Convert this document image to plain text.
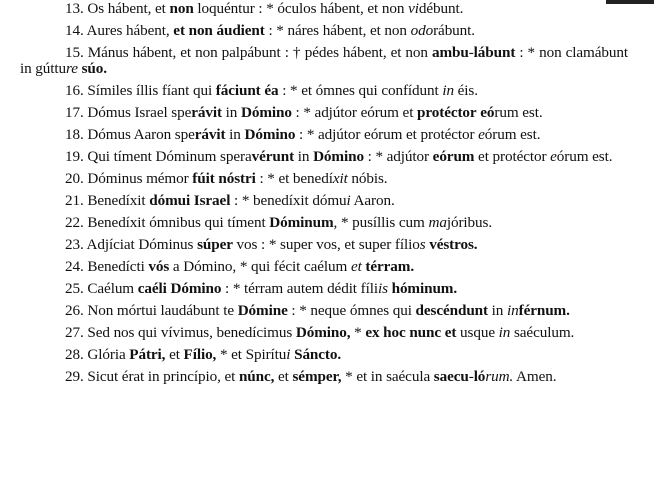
13. Os hábent, et non loquéntur : * óculos hábent, et non vidébunt.

14. Aures hábent, et non áudient : * náres hábent, et non odorábunt.

15. Mánus hábent, et non palpábunt : † pédes hábent, et non ambu-lábunt : * non clamábunt in gútture súo.

16. Símiles íllis fíant qui fáciunt éa : * et ómnes qui confídunt in éis.

17. Dómus Israel sperávit in Dómino : * adjútor eórum et protéctor eórum est.

18. Dómus Aaron sperávit in Dómino : * adjútor eórum et protéctor eórum est.

19. Qui tíment Dóminum speravérunt in Dómino : * adjútor eórum et protéctor eórum est.

20. Dóminus mémor fúit nóstri : * et benedíxit nóbis.

21. Benedíxit dómui Israel : * benedíxit dómui Aaron.

22. Benedíxit ómnibus qui tíment Dóminum, * pusíllis cum majóribus.

23. Adjíciat Dóminus súper vos : * super vos, et super fílios véstros.

24. Benedícti vós a Dómino, * qui fécit caélum et térram.

25. Caélum caéli Dómino : * térram autem dédit fíliis hóminum.

26. Non mórtui laudábunt te Dómine : * neque ómnes qui descéndunt in inférnum.

27. Sed nos qui vívimus, benedícimus Dómino, * ex hoc nunc et usque in saéculum.

28. Glória Pátri, et Fílio, * et Spirítui Sáncto.

29. Sicut érat in princípio, et núnc, et sémper, * et in saécula saecu-lórum. Amen.
